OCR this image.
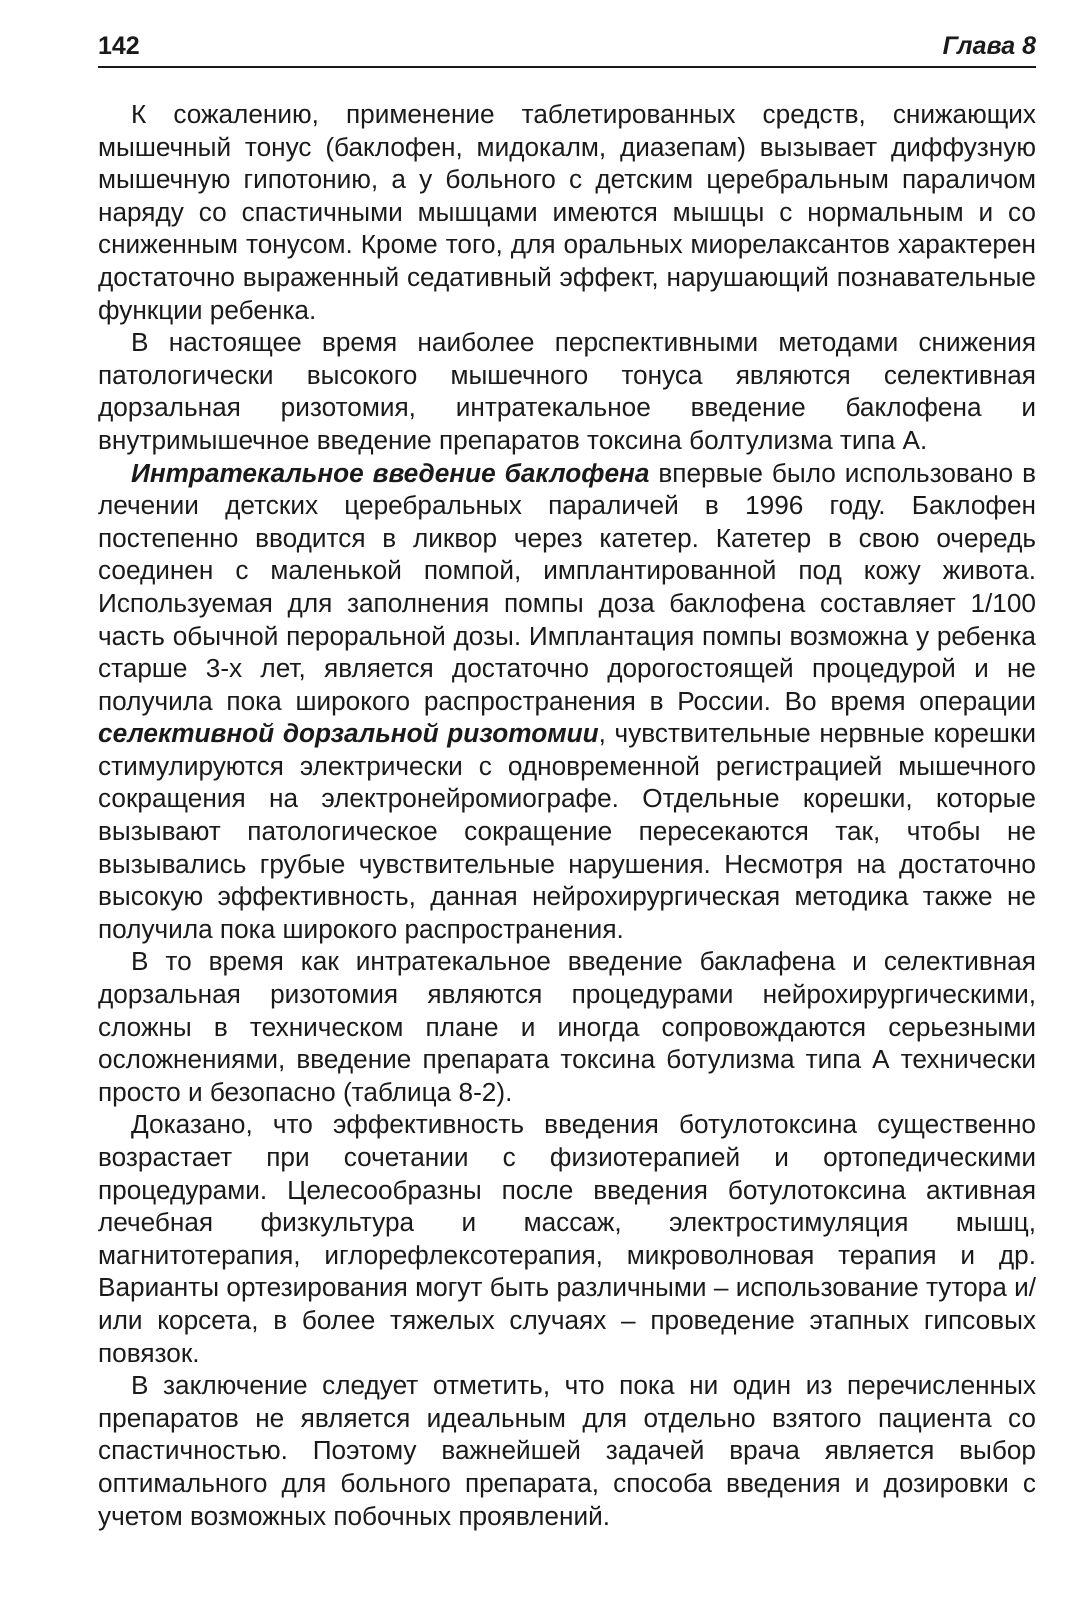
142	Глава 8

К сожалению, применение таблетированных средств, снижающих мышечный тонус (баклофен, мидокалм, диазепам) вызывает диффузную мышечную гипотонию, а у больного с детским церебральным параличом наряду со спастичными мышцами имеются мышцы с нормальным и со сниженным тонусом. Кроме того, для оральных миорелаксантов характерен достаточно выраженный седативный эффект, нарушающий познавательные функции ребенка.

В настоящее время наиболее перспективными методами снижения патологически высокого мышечного тонуса являются селективная дорзальная ризотомия, интратекальное введение баклофена и внутримышечное введение препаратов токсина болтулизма типа А.

Интратекальное введение баклофена впервые было использовано в лечении детских церебральных параличей в 1996 году. Баклофен постепенно вводится в ликвор через катетер. Катетер в свою очередь соединен с маленькой помпой, имплантированной под кожу живота. Используемая для заполнения помпы доза баклофена составляет 1/100 часть обычной пероральной дозы. Имплантация помпы возможна у ребенка старше 3-х лет, является достаточно дорогостоящей процедурой и не получила пока широкого распространения в России. Во время операции селективной дорзальной ризотомии, чувствительные нервные корешки стимулируются электрически с одновременной регистрацией мышечного сокращения на электронейромиографе. Отдельные корешки, которые вызывают патологическое сокращение пересекаются так, чтобы не вызывались грубые чувствительные нарушения. Несмотря на достаточно высокую эффективность, данная нейрохирургическая методика также не получила пока широкого распространения.

В то время как интратекальное введение баклафена и селективная дорзальная ризотомия являются процедурами нейрохирургическими, сложны в техническом плане и иногда сопровождаются серьезными осложнениями, введение препарата токсина ботулизма типа А технически просто и безопасно (таблица 8-2).

Доказано, что эффективность введения ботулотоксина существенно возрастает при сочетании с физиотерапией и ортопедическими процедурами. Целесообразны после введения ботулотоксина активная лечебная физкультура и массаж, электростимуляция мышц, магнитотерапия, иглорефлексотерапия, микроволновая терапия и др. Варианты ортезирования могут быть различными – использование тутора и/или корсета, в более тяжелых случаях – проведение этапных гипсовых повязок.

В заключение следует отметить, что пока ни один из перечисленных препаратов не является идеальным для отдельно взятого пациента со спастичностью. Поэтому важнейшей задачей врача является выбор оптимального для больного препарата, способа введения и дозировки с учетом возможных побочных проявлений.
